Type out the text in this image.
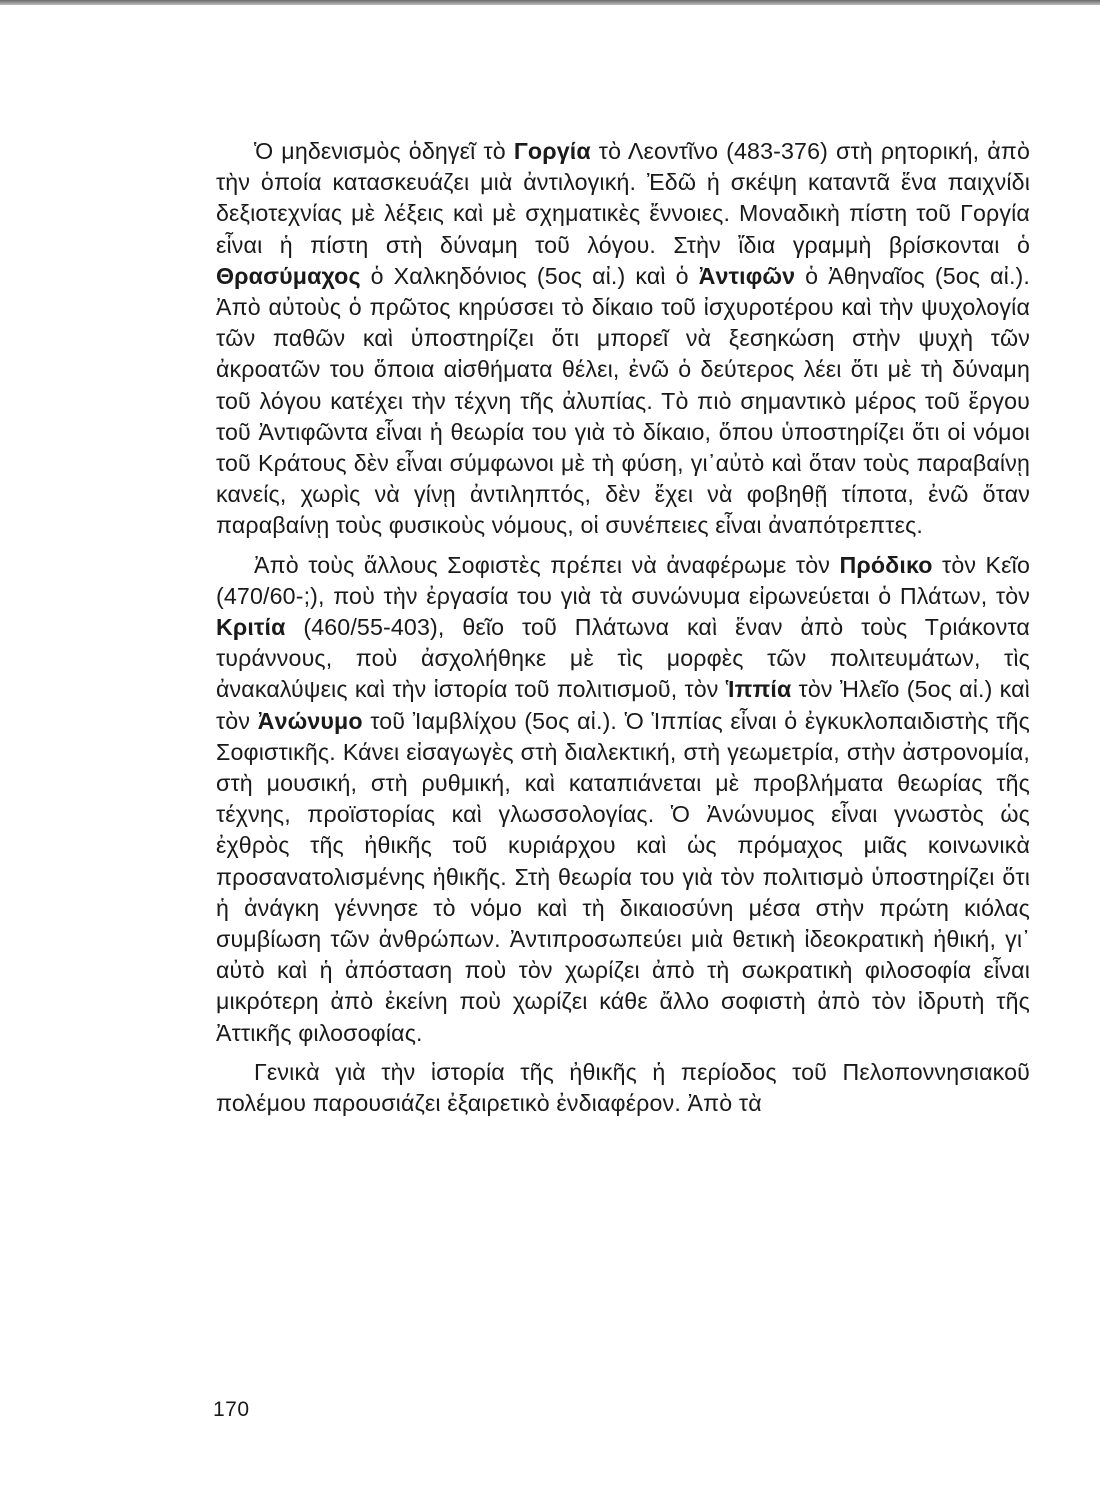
Ὁ μηδενισμὸς ὁδηγεῖ τὸ Γοργία τὸ Λεοντῖνο (483-376) στὴ ρητορική, ἀπὸ τὴν ὁποία κατασκευάζει μιὰ ἀντιλογική. Ἐδῶ ἡ σκέψη καταντᾶ ἕνα παιχνίδι δεξιοτεχνίας μὲ λέξεις καὶ μὲ σχηματικὲς ἔννοιες. Μοναδικὴ πίστη τοῦ Γοργία εἶναι ἡ πίστη στὴ δύναμη τοῦ λόγου. Στὴν ἴδια γραμμὴ βρίσκονται ὁ Θρασύμαχος ὁ Χαλκηδόνιος (5ος αἰ.) καὶ ὁ Ἀντιφῶν ὁ Ἀθηναῖος (5ος αἰ.). Ἀπὸ αὐτοὺς ὁ πρῶτος κηρύσσει τὸ δίκαιο τοῦ ἰσχυροτέρου καὶ τὴν ψυχολογία τῶν παθῶν καὶ ὑποστηρίζει ὅτι μπορεῖ νὰ ξεσηκώση στὴν ψυχὴ τῶν ἀκροατῶν του ὅποια αἰσθήματα θέλει, ἐνῶ ὁ δεύτερος λέει ὅτι μὲ τὴ δύναμη τοῦ λόγου κατέχει τὴν τέχνη τῆς ἀλυπίας. Τὸ πιὸ σημαντικὸ μέρος τοῦ ἔργου τοῦ Ἀντιφῶντα εἶναι ἡ θεωρία του γιὰ τὸ δίκαιο, ὅπου ὑποστηρίζει ὅτι οἱ νόμοι τοῦ Κράτους δὲν εἶναι σύμφωνοι μὲ τὴ φύση, γι᾽αὐτὸ καὶ ὅταν τοὺς παραβαίνῃ κανείς, χωρὶς νὰ γίνῃ ἀντιληπτός, δὲν ἔχει νὰ φοβηθῇ τίποτα, ἐνῶ ὅταν παραβαίνῃ τοὺς φυσικοὺς νόμους, οἱ συνέπειες εἶναι ἀναπότρεπτες.

Ἀπὸ τοὺς ἄλλους Σοφιστὲς πρέπει νὰ ἀναφέρωμε τὸν Πρόδικο τὸν Κεῖο (470/60-;), ποὺ τὴν ἐργασία του γιὰ τὰ συνώνυμα εἰρωνεύεται ὁ Πλάτων, τὸν Κριτία (460/55-403), θεῖο τοῦ Πλάτωνα καὶ ἕναν ἀπὸ τοὺς Τριάκοντα τυράννους, ποὺ ἀσχολήθηκε μὲ τὶς μορφὲς τῶν πολιτευμάτων, τὶς ἀνακαλύψεις καὶ τὴν ἱστορία τοῦ πολιτισμοῦ, τὸν Ἱππία τὸν Ἠλεῖο (5ος αἰ.) καὶ τὸν Ἀνώνυμο τοῦ Ἰαμβλίχου (5ος αἰ.). Ὁ Ἱππίας εἶναι ὁ ἐγκυκλοπαιδιστὴς τῆς Σοφιστικῆς. Κάνει εἰσαγωγὲς στὴ διαλεκτική, στὴ γεωμετρία, στὴν ἀστρονομία, στὴ μουσική, στὴ ρυθμική, καὶ καταπιάνεται μὲ προβλήματα θεωρίας τῆς τέχνης, προϊστορίας καὶ γλωσσολογίας. Ὁ Ἀνώνυμος εἶναι γνωστὸς ὡς ἐχθρὸς τῆς ἠθικῆς τοῦ κυριάρχου καὶ ὡς πρόμαχος μιᾶς κοινωνικὰ προσανατολισμένης ἠθικῆς. Στὴ θεωρία του γιὰ τὸν πολιτισμὸ ὑποστηρίζει ὅτι ἡ ἀνάγκη γέννησε τὸ νόμο καὶ τὴ δικαιοσύνη μέσα στὴν πρώτη κιόλας συμβίωση τῶν ἀνθρώπων. Ἀντιπροσωπεύει μιὰ θετικὴ ἰδεοκρατικὴ ἠθική, γι᾽ αὐτὸ καὶ ἡ ἀπόσταση ποὺ τὸν χωρίζει ἀπὸ τὴ σωκρατικὴ φιλοσοφία εἶναι μικρότερη ἀπὸ ἐκείνη ποὺ χωρίζει κάθε ἄλλο σοφιστὴ ἀπὸ τὸν ἱδρυτὴ τῆς Ἀττικῆς φιλοσοφίας.

Γενικὰ γιὰ τὴν ἱστορία τῆς ἠθικῆς ἡ περίοδος τοῦ Πελοποννησιακοῦ πολέμου παρουσιάζει ἐξαιρετικὸ ἐνδιαφέρον. Ἀπὸ τὰ

170
